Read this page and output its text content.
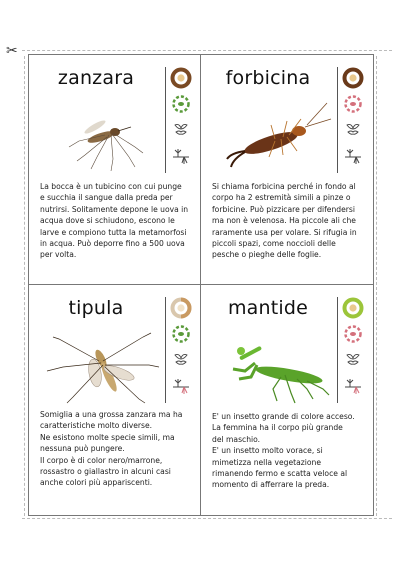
✂
zanzara
La bocca è un tubicino con cui punge
e succhia il sangue dalla preda per
nutrirsi. Solitamente depone le uova in
acqua dove si schiudono, escono le
larve e compiono tutta la metamorfosi
in acqua. Può deporre fino a 500 uova
per volta.
forbicina
Si chiama forbicina perché in fondo al
corpo ha 2 estremità simili a pinze o
forbicine. Può pizzicare per difendersi
ma non è velenosa. Ha piccole ali che
raramente usa per volare. Si rifugia in
piccoli spazi, come noccioli delle
pesche o pieghe delle foglie.
tipula
Somiglia a una grossa zanzara ma ha
caratteristiche molto diverse.
Ne esistono molte specie simili, ma
nessuna può pungere.
Il corpo è di color nero/marrone,
rossastro o giallastro in alcuni casi
anche colori più appariscenti.
mantide
E' un insetto grande di colore acceso.
La femmina ha il corpo più grande
del maschio.
E' un insetto molto vorace, si
mimetizza nella vegetazione
rimanendo fermo e scatta veloce al
momento di afferrare la preda.
